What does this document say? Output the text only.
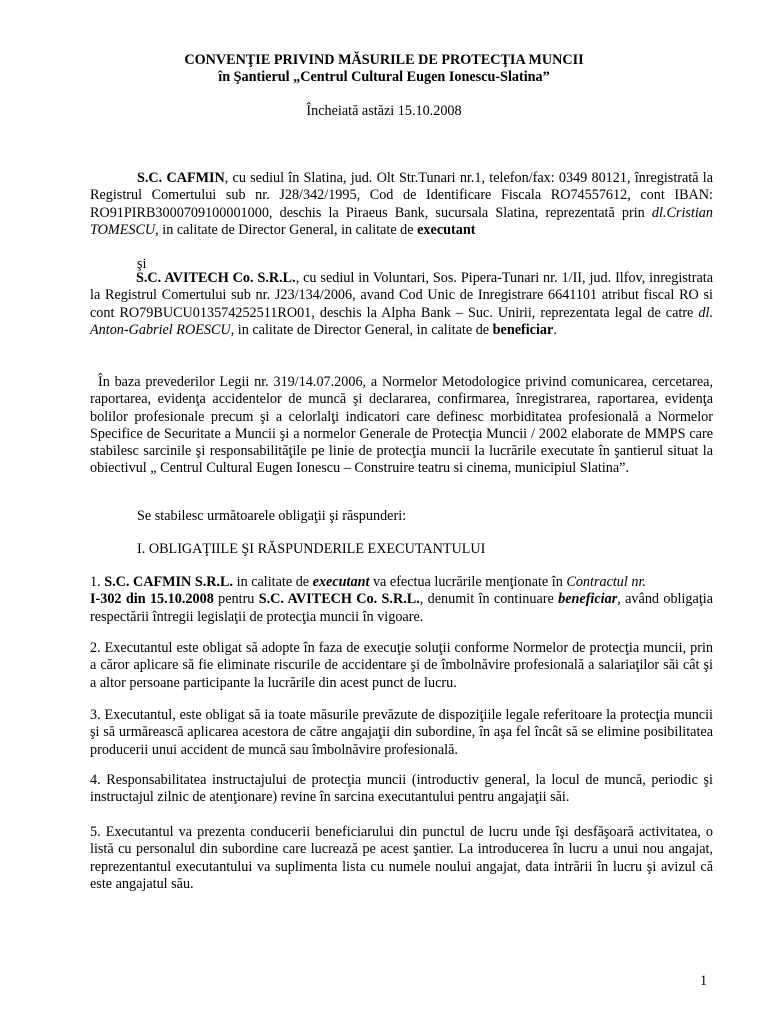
CONVENŢIE PRIVIND MĂSURILE DE PROTECŢIA MUNCII
în Şantierul „Centrul Cultural Eugen Ionescu-Slatina”
Încheiată astăzi 15.10.2008
S.C. CAFMIN, cu sediul în Slatina, jud. Olt Str.Tunari nr.1, telefon/fax: 0349 80121, înregistrată la Registrul Comertului sub nr. J28/342/1995, Cod de Identificare Fiscala RO74557612, cont IBAN: RO91PIRB3000709100001000, deschis la Piraeus Bank, sucursala Slatina, reprezentată prin dl.Cristian TOMESCU, in calitate de Director General, in calitate de executant
şi
S.C. AVITECH Co. S.R.L., cu sediul in Voluntari, Sos. Pipera-Tunari nr. 1/II, jud. Ilfov, inregistrata la Registrul Comertului sub nr. J23/134/2006, avand Cod Unic de Inregistrare 6641101 atribut fiscal RO si cont RO79BUCU013574252511RO01, deschis la Alpha Bank – Suc. Unirii, reprezentata legal de catre dl. Anton-Gabriel ROESCU, in calitate de Director General, in calitate de beneficiar.
În baza prevederilor Legii nr. 319/14.07.2006, a Normelor Metodologice privind comunicarea, cercetarea, raportarea, evidenţa accidentelor de muncă şi declararea, confirmarea, înregistrarea, raportarea, evidenţa bolilor profesionale precum şi a celorlalţi indicatori care definesc morbiditatea profesională a Normelor Specifice de Securitate a Muncii şi a normelor Generale de Protecţia Muncii / 2002 elaborate de MMPS care stabilesc sarcinile şi responsabilităţile pe linie de protecţia muncii la lucrările executate în şantierul situat la obiectivul „ Centrul Cultural Eugen Ionescu – Construire teatru si cinema, municipiul Slatina”.
Se stabilesc următoarele obligaţii şi răspunderi:
I. OBLIGAŢIILE ŞI RĂSPUNDERILE EXECUTANTULUI
1. S.C. CAFMIN S.R.L. in calitate de executant va efectua lucrările menţionate în Contractul nr.
I-302 din 15.10.2008 pentru S.C. AVITECH Co. S.R.L., denumit în continuare beneficiar, având obligaţia respectării întregii legislaţii de protecţia muncii în vigoare.
2. Executantul este obligat să adopte în faza de execuţie soluţii conforme Normelor de protecţia muncii, prin a căror aplicare să fie eliminate riscurile de accidentare şi de îmbolnăvire profesională a salariaţilor săi cât şi a altor persoane participante la lucrările din acest punct de lucru.
3. Executantul, este obligat să ia toate măsurile prevăzute de dispoziţiile legale referitoare la protecţia muncii şi să urmărească aplicarea acestora de către angajaţii din subordine, în aşa fel încât să se elimine posibilitatea producerii unui accident de muncă sau îmbolnăvire profesională.
4. Responsabilitatea instructajului de protecţia muncii (introductiv general, la locul de muncă, periodic şi instructajul zilnic de atenţionare) revine în sarcina executantului pentru angajaţii săi.
5. Executantul va prezenta conducerii beneficiarului din punctul de lucru unde îşi desfăşoară activitatea, o listă cu personalul din subordine care lucrează pe acest şantier. La introducerea în lucru a unui nou angajat, reprezentantul executantului va suplimenta lista cu numele noului angajat, data intrării în lucru şi avizul că este angajatul său.
1
